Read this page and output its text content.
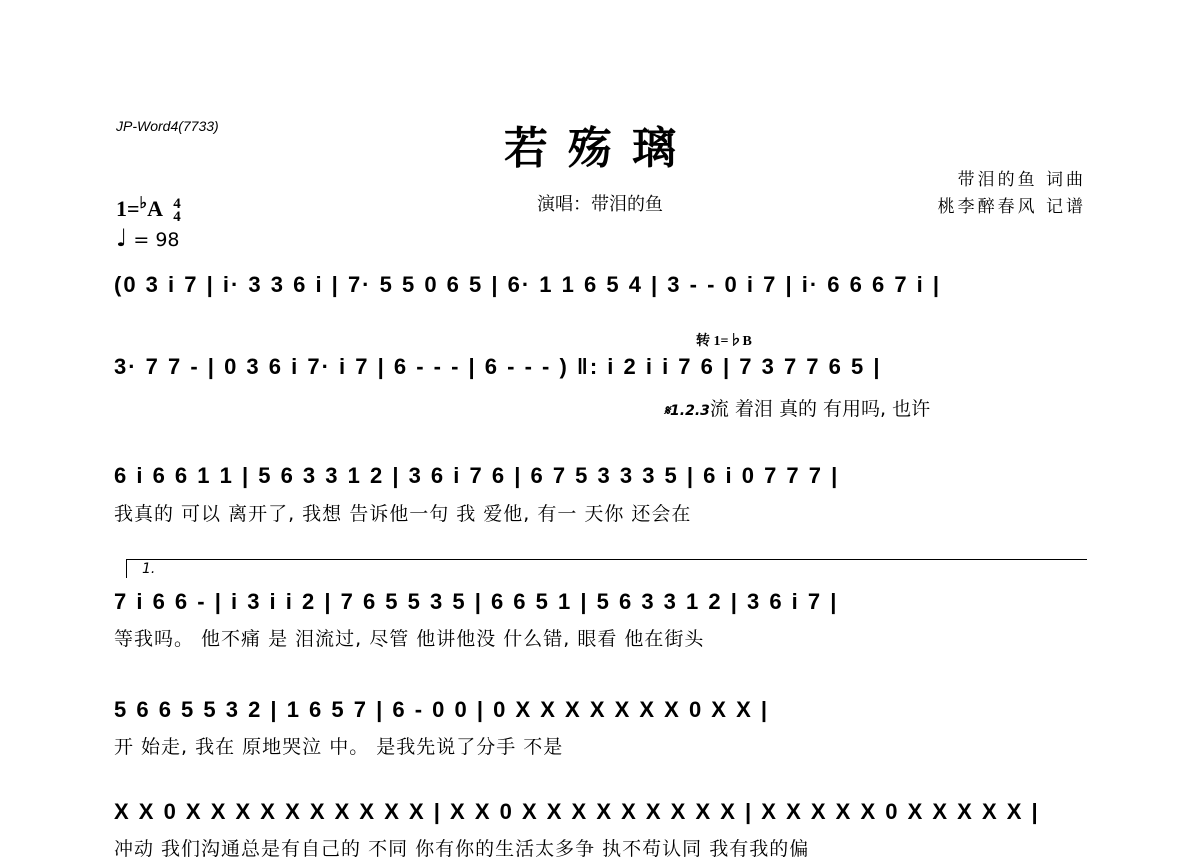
JP-Word4(7733)	若殇璃
演唱：带泪的鱼
带泪的鱼 词曲
桃李醉春风 记谱
1=♭A 4
4
♩ = 98
(0 3 i 7 | i· 3 3 6 i | 7· 5 5 0 6 5 | 6· 1 1 6 5 4 | 3 - - 0 i 7 | i· 6 6 6 7 i |
3· 7 7 - | 0 3 6 i 7· i 7 | 6 - - - | 6 - - - ) ‖: i 2 i i 7 6 | 7 3 7 7 6 5 |
6 i 6 6 1 1 | 5 6 3 3 1 2 | 3 6 i 7 6 | 6 7 5 3 3 3 5 | 6 i 0 7 7 7 |
7 i 6 6 - | i 3 i i 2 | 7 6 5 5 3 5 | 6 6 5 1 | 5 6 3 3 1 2 | 3 6 i 7 |
5 6 6 5 5 3 2 | 1 6 5 7 | 6 - 0 0 | 0 X X X X X X X 0 X X |
X X 0 X X X X X X X X X X | X X 0 X X X X X X X X X | X X X X X 0 X X X X X |
转 1=♭B
𝄋1.2.3流 着泪 真的 有用吗, 也许
我真的 可以 离开了, 我想 告诉他一句 我 爱他, 有一 天你 还会在
1.
等我吗。 他不痛 是 泪流过, 尽管 他讲他没 什么错, 眼看 他在街头
开 始走, 我在 原地哭泣 中。 是我先说了分手 不是
冲动 我们沟通总是有自己的 不同 你有你的生活太多争 执不苟认同 我有我的偏
